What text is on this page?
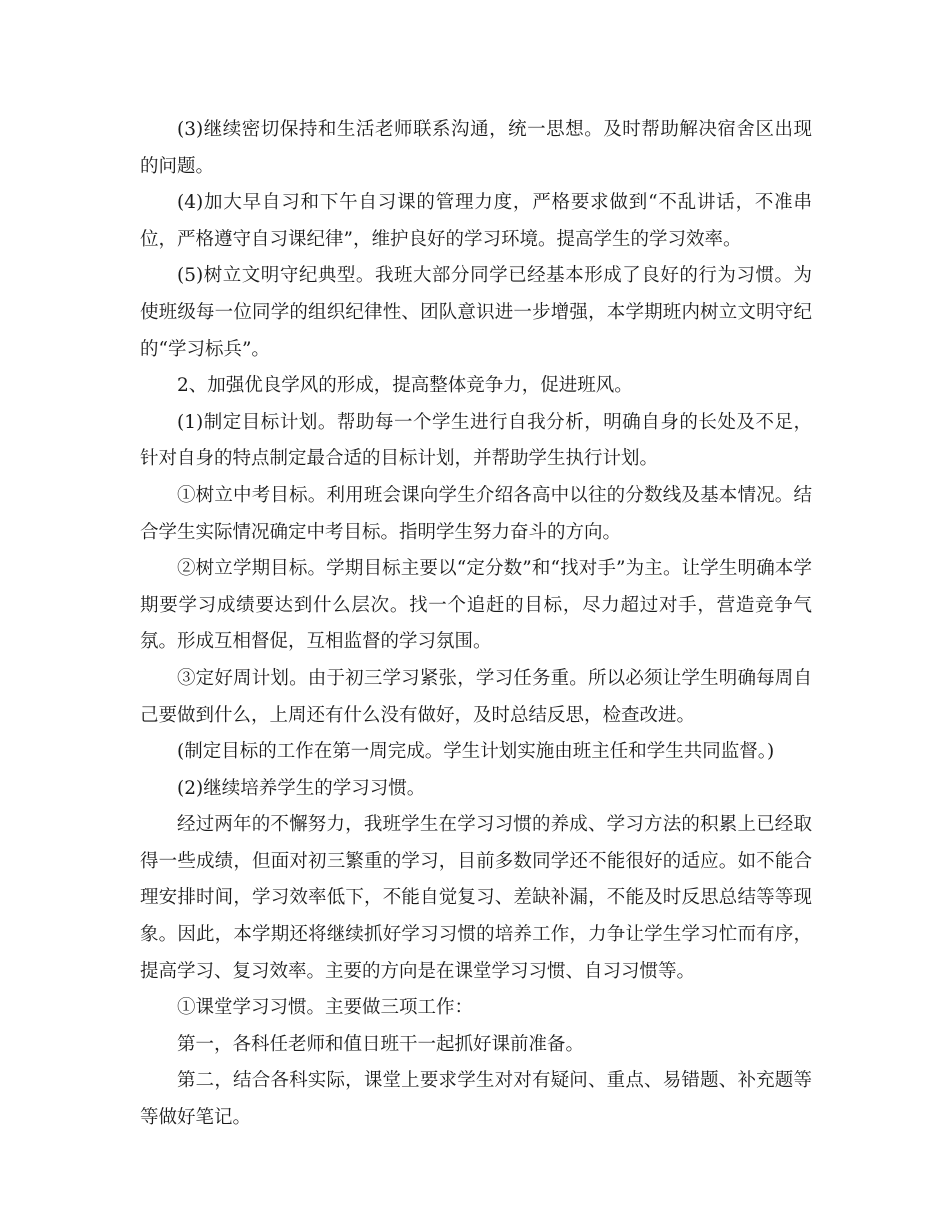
(3)继续密切保持和生活老师联系沟通，统一思想。及时帮助解决宿舍区出现的问题。

(4)加大早自习和下午自习课的管理力度，严格要求做到“不乱讲话，不准串位，严格遵守自习课纪律”，维护良好的学习环境。提高学生的学习效率。

(5)树立文明守纪典型。我班大部分同学已经基本形成了良好的行为习惯。为使班级每一位同学的组织纪律性、团队意识进一步增强，本学期班内树立文明守纪的“学习标兵”。

2、加强优良学风的形成，提高整体竞争力，促进班风。

(1)制定目标计划。帮助每一个学生进行自我分析，明确自身的长处及不足，针对自身的特点制定最合适的目标计划，并帮助学生执行计划。

①树立中考目标。利用班会课向学生介绍各高中以往的分数线及基本情况。结合学生实际情况确定中考目标。指明学生努力奋斗的方向。

②树立学期目标。学期目标主要以“定分数”和“找对手”为主。让学生明确本学期要学习成绩要达到什么层次。找一个追赶的目标，尽力超过对手，营造竞争气氛。形成互相督促，互相监督的学习氛围。

③定好周计划。由于初三学习紧张，学习任务重。所以必须让学生明确每周自己要做到什么，上周还有什么没有做好，及时总结反思，检查改进。

(制定目标的工作在第一周完成。学生计划实施由班主任和学生共同监督。)

(2)继续培养学生的学习习惯。

经过两年的不懈努力，我班学生在学习习惯的养成、学习方法的积累上已经取得一些成绩，但面对初三繁重的学习，目前多数同学还不能很好的适应。如不能合理安排时间，学习效率低下，不能自觉复习、差缺补漏，不能及时反思总结等等现象。因此，本学期还将继续抓好学习习惯的培养工作，力争让学生学习忙而有序，提高学习、复习效率。主要的方向是在课堂学习习惯、自习习惯等。

①课堂学习习惯。主要做三项工作：

第一，各科任老师和值日班干一起抓好课前准备。

第二，结合各科实际，课堂上要求学生对对有疑问、重点、易错题、补充题等等做好笔记。
